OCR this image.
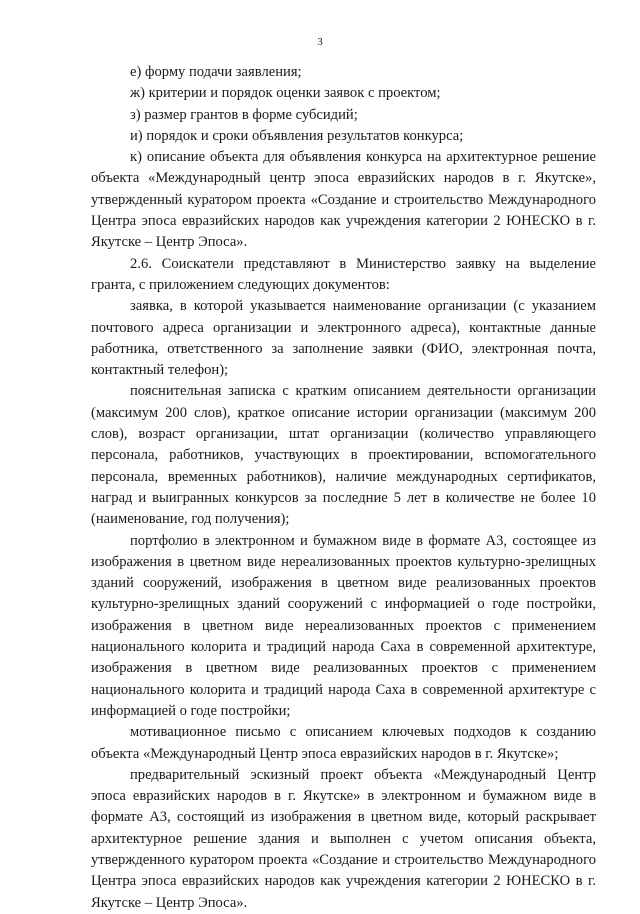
3

е) форму подачи заявления;

ж) критерии и порядок оценки заявок с проектом;

з) размер грантов в форме субсидий;

и) порядок и сроки объявления результатов конкурса;

к) описание объекта для объявления конкурса на архитектурное решение объекта «Международный центр эпоса евразийских народов в г. Якутске», утвержденный куратором проекта «Создание и строительство Международного Центра эпоса евразийских народов как учреждения категории 2 ЮНЕСКО в г. Якутске – Центр Эпоса».

2.6. Соискатели представляют в Министерство заявку на выделение гранта, с приложением следующих документов:

заявка, в которой указывается наименование организации (с указанием почтового адреса организации и электронного адреса), контактные данные работника, ответственного за заполнение заявки (ФИО, электронная почта, контактный телефон);

пояснительная записка с кратким описанием деятельности организации (максимум 200 слов), краткое описание истории организации (максимум 200 слов), возраст организации, штат организации (количество управляющего персонала, работников, участвующих в проектировании, вспомогательного персонала, временных работников), наличие международных сертификатов, наград и выигранных конкурсов за последние 5 лет в количестве не более 10 (наименование, год получения);

портфолио в электронном и бумажном виде в формате А3, состоящее из изображения в цветном виде нереализованных проектов культурно-зрелищных зданий сооружений, изображения в цветном виде реализованных проектов культурно-зрелищных зданий сооружений с информацией о годе постройки, изображения в цветном виде нереализованных проектов с применением национального колорита и традиций народа Саха в современной архитектуре, изображения в цветном виде реализованных проектов с применением национального колорита и традиций народа Саха в современной архитектуре с информацией о годе постройки;

мотивационное письмо с описанием ключевых подходов к созданию объекта «Международный Центр эпоса евразийских народов в г. Якутске»;

предварительный эскизный проект объекта «Международный Центр эпоса евразийских народов в г. Якутске» в электронном и бумажном виде в формате А3, состоящий из изображения в цветном виде, который раскрывает архитектурное решение здания и выполнен с учетом описания объекта, утвержденного куратором проекта «Создание и строительство Международного Центра эпоса евразийских народов как учреждения категории 2 ЮНЕСКО в г. Якутске – Центр Эпоса».
